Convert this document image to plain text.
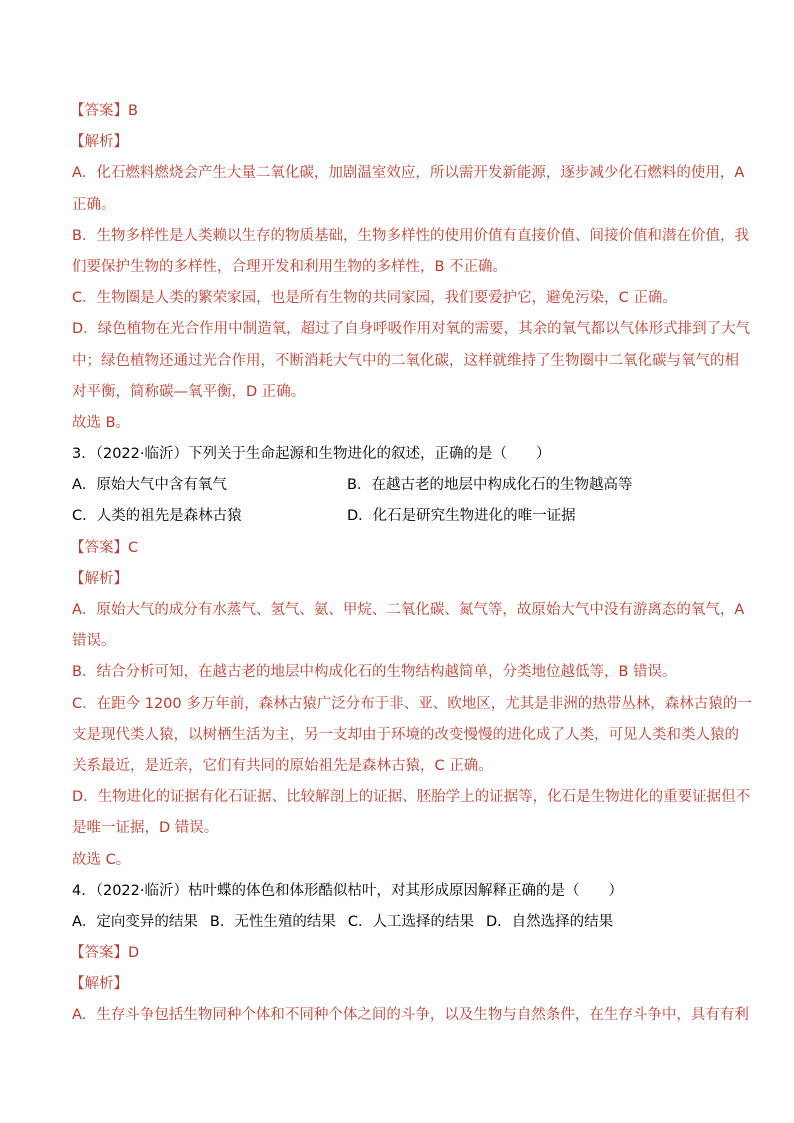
【答案】B
【解析】
A．化石燃料燃烧会产生大量二氧化碳，加剧温室效应，所以需开发新能源，逐步减少化石燃料的使用，A
正确。
B．生物多样性是人类赖以生存的物质基础，生物多样性的使用价值有直接价值、间接价值和潜在价值，我
们要保护生物的多样性，合理开发和利用生物的多样性，B 不正确。
C．生物圈是人类的繁荣家园，也是所有生物的共同家园，我们要爱护它，避免污染，C 正确。
D．绿色植物在光合作用中制造氧，超过了自身呼吸作用对氧的需要，其余的氧气都以气体形式排到了大气
中；绿色植物还通过光合作用，不断消耗大气中的二氧化碳，这样就维持了生物圈中二氧化碳与氧气的相
对平衡，简称碳—氧平衡，D 正确。
故选 B。
3．（2022·临沂）下列关于生命起源和生物进化的叙述，正确的是（　　）
A．原始大气中含有氧气	B．在越古老的地层中构成化石的生物越高等
C．人类的祖先是森林古猿	D．化石是研究生物进化的唯一证据
【答案】C
【解析】
A．原始大气的成分有水蒸气、氢气、氨、甲烷、二氧化碳、氮气等，故原始大气中没有游离态的氧气，A
错误。
B．结合分析可知，在越古老的地层中构成化石的生物结构越简单，分类地位越低等，B 错误。
C．在距今 1200 多万年前，森林古猿广泛分布于非、亚、欧地区，尤其是非洲的热带丛林，森林古猿的一
支是现代类人猿，以树栖生活为主，另一支却由于环境的改变慢慢的进化成了人类，可见人类和类人猿的
关系最近，是近亲，它们有共同的原始祖先是森林古猿，C 正确。
D．生物进化的证据有化石证据、比较解剖上的证据、胚胎学上的证据等，化石是生物进化的重要证据但不
是唯一证据，D 错误。
故选 C。
4．（2022·临沂）枯叶蝶的体色和体形酷似枯叶，对其形成原因解释正确的是（　　）
A．定向变异的结果 B．无性生殖的结果 C．人工选择的结果 D．自然选择的结果
【答案】D
【解析】
A．生存斗争包括生物同种个体和不同种个体之间的斗争，以及生物与自然条件，在生存斗争中，具有有利
